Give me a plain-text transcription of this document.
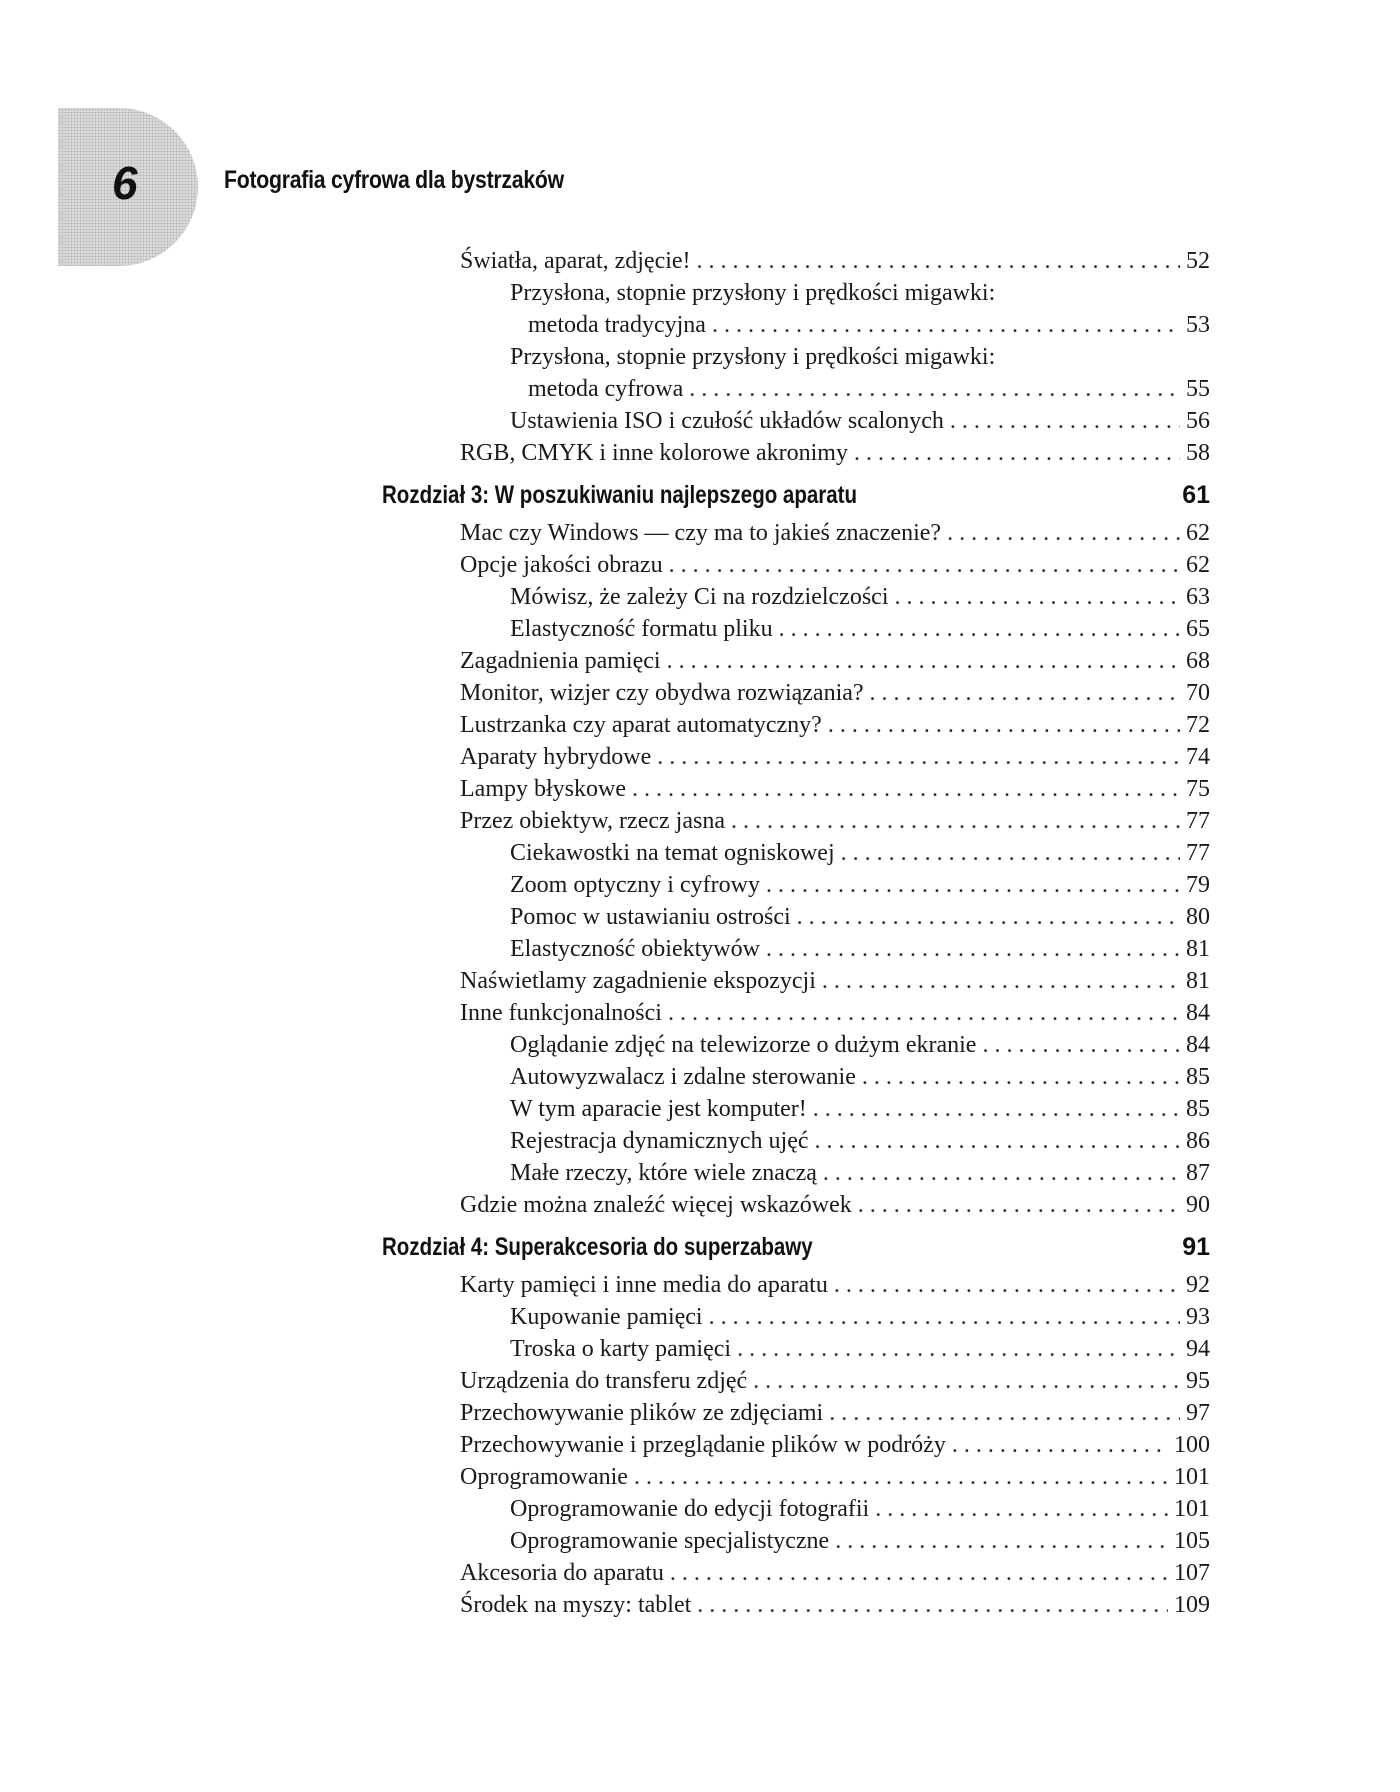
6	Fotografia cyfrowa dla bystrzaków
Światła, aparat, zdjęcie! . . .	52
Przysłona, stopnie przysłony i prędkości migawki:
metoda tradycyjna . . .	53
Przysłona, stopnie przysłony i prędkości migawki:
metoda cyfrowa . . .	55
Ustawienia ISO i czułość układów scalonych . . .	56
RGB, CMYK i inne kolorowe akronimy . . .	58
Rozdział 3: W poszukiwaniu najlepszego aparatu	61
Mac czy Windows — czy ma to jakieś znaczenie? . . .	62
Opcje jakości obrazu . . .	62
Mówisz, że zależy Ci na rozdzielczości . . .	63
Elastyczność formatu pliku . . .	65
Zagadnienia pamięci . . .	68
Monitor, wizjer czy obydwa rozwiązania? . . .	70
Lustrzanka czy aparat automatyczny? . . .	72
Aparaty hybrydowe . . .	74
Lampy błyskowe . . .	75
Przez obiektyw, rzecz jasna . . .	77
Ciekawostki na temat ogniskowej . . .	77
Zoom optyczny i cyfrowy . . .	79
Pomoc w ustawianiu ostrości . . .	80
Elastyczność obiektywów . . .	81
Naświetlamy zagadnienie ekspozycji . . .	81
Inne funkcjonalności . . .	84
Oglądanie zdjęć na telewizorze o dużym ekranie . . .	84
Autowyzwalacz i zdalne sterowanie . . .	85
W tym aparacie jest komputer! . . .	85
Rejestracja dynamicznych ujęć . . .	86
Małe rzeczy, które wiele znaczą . . .	87
Gdzie można znaleźć więcej wskazówek . . .	90
Rozdział 4: Superakcesoria do superzabawy	91
Karty pamięci i inne media do aparatu . . .	92
Kupowanie pamięci . . .	93
Troska o karty pamięci . . .	94
Urządzenia do transferu zdjęć . . .	95
Przechowywanie plików ze zdjęciami . . .	97
Przechowywanie i przeglądanie plików w podróży . . .	100
Oprogramowanie . . .	101
Oprogramowanie do edycji fotografii . . .	101
Oprogramowanie specjalistyczne . . .	105
Akcesoria do aparatu . . .	107
Środek na myszy: tablet . . .	109
